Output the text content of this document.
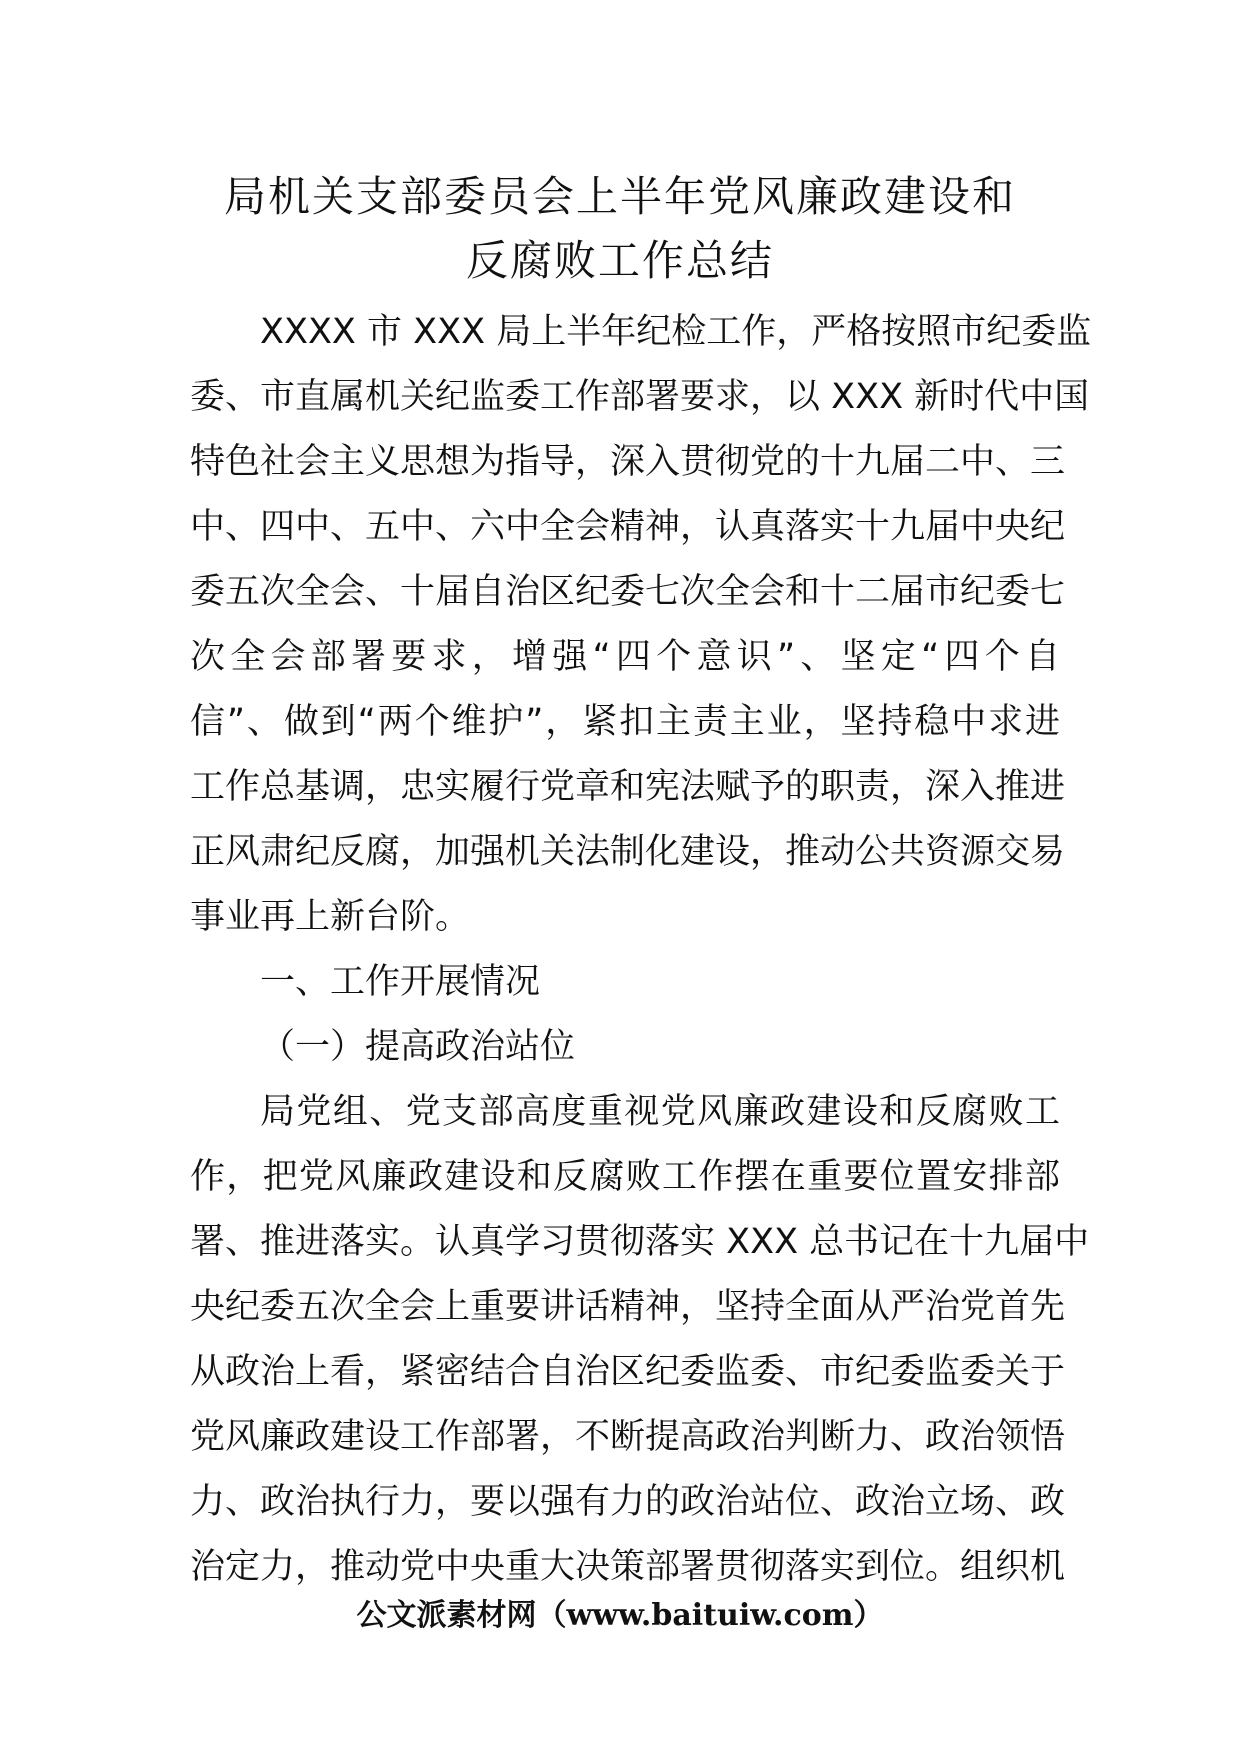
局机关支部委员会上半年党风廉政建设和
反腐败工作总结
XXXX 市 XXX 局上半年纪检工作，严格按照市纪委监
委、市直属机关纪监委工作部署要求，以 XXX 新时代中国
特色社会主义思想为指导，深入贯彻党的十九届二中、三
中、四中、五中、六中全会精神，认真落实十九届中央纪
委五次全会、十届自治区纪委七次全会和十二届市纪委七
次全会部署要求，增强“四个意识”、坚定“四个自
信”、做到“两个维护”，紧扣主责主业，坚持稳中求进
工作总基调，忠实履行党章和宪法赋予的职责，深入推进
正风肃纪反腐，加强机关法制化建设，推动公共资源交易
事业再上新台阶。
一、工作开展情况
（一）提高政治站位
局党组、党支部高度重视党风廉政建设和反腐败工
作，把党风廉政建设和反腐败工作摆在重要位置安排部
署、推进落实。认真学习贯彻落实 XXX 总书记在十九届中
央纪委五次全会上重要讲话精神，坚持全面从严治党首先
从政治上看，紧密结合自治区纪委监委、市纪委监委关于
党风廉政建设工作部署，不断提高政治判断力、政治领悟
力、政治执行力，要以强有力的政治站位、政治立场、政
治定力，推动党中央重大决策部署贯彻落实到位。组织机
公文派素材网（www.baituiw.com）
